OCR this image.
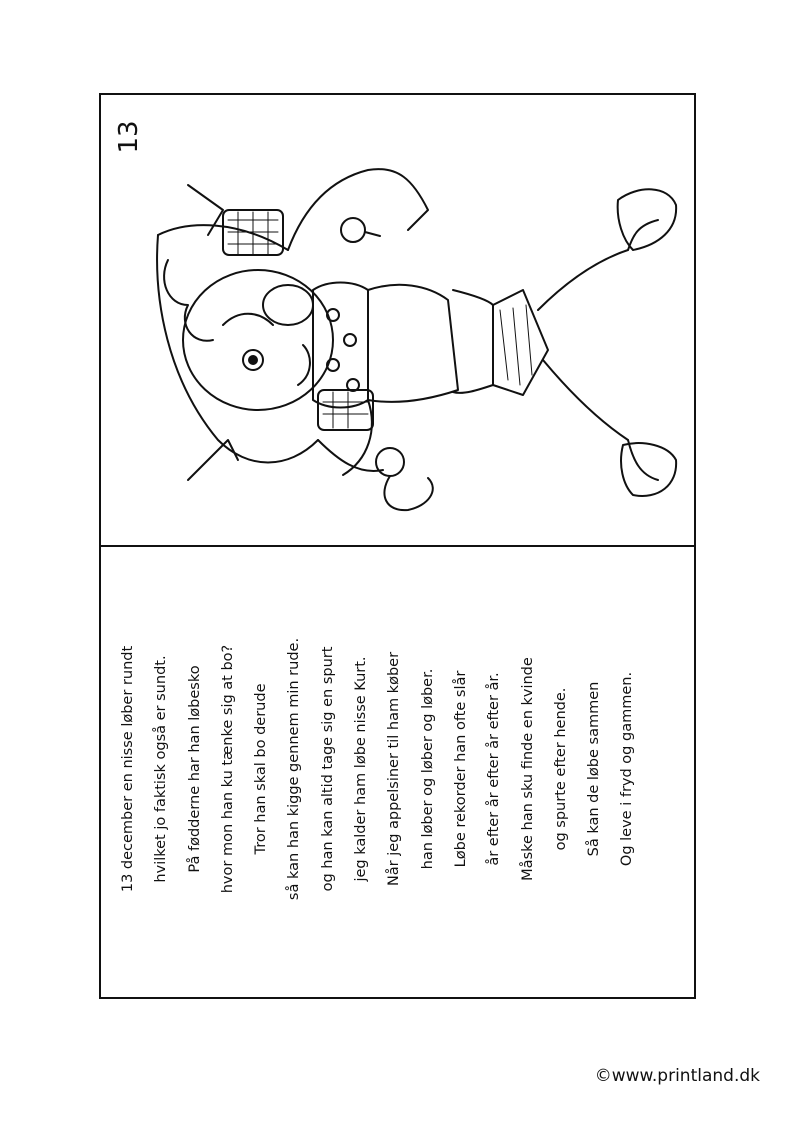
13
13 december en nisse løber rundt	hvilket jo faktisk også er sundt.	På fødderne har han løbesko	hvor mon han ku tænke sig at bo?	Tror han skal bo derude	så kan han kigge gennem min rude.	og han kan altid tage sig en spurt	jeg kalder ham løbe nisse Kurt.	Når jeg appelsiner til ham køber	han løber og løber og løber.	Løbe rekorder han ofte slår	år efter år efter år efter år.	Måske han sku finde en kvinde	og spurte efter hende.	Så kan de løbe sammen	Og leve i fryd og gammen.
©www.printland.dk
